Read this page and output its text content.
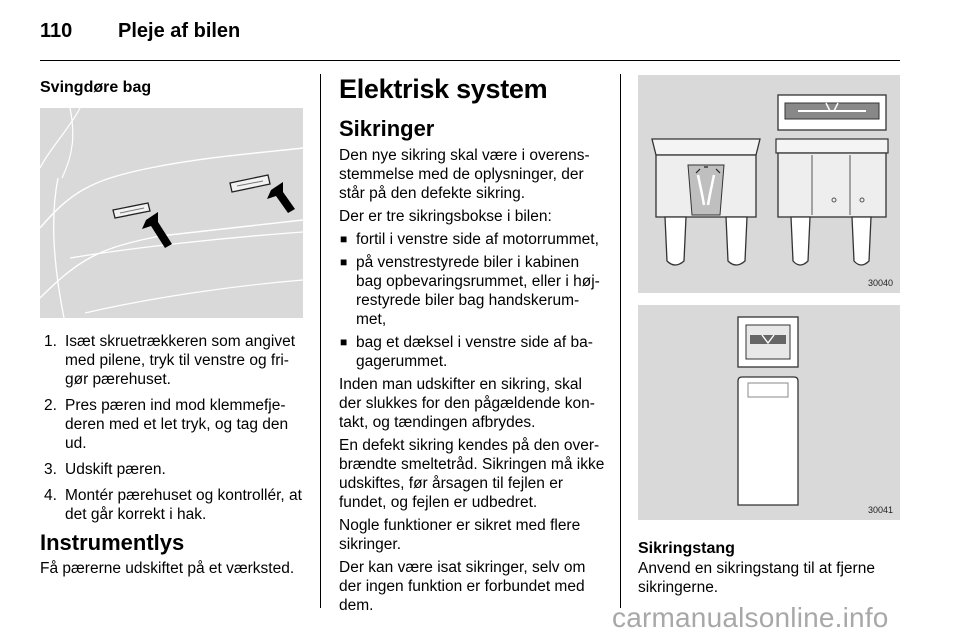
110 Pleje af bilen
Svingdøre bag
1. Isæt skruetrækkeren som angivet med pilene, tryk til venstre og fri-gør pærehuset.
2. Pres pæren ind mod klemmefje-deren med et let tryk, og tag den ud.
3. Udskift pæren.
4. Montér pærehuset og kontrollér, at det går korrekt i hak.
Instrumentlys
Få pærerne udskiftet på et værksted.
Elektrisk system
Sikringer

Den nye sikring skal være i overens-stemmelse med de oplysninger, der står på den defekte sikring.

Der er tre sikringsbokse i bilen:

■ fortil i venstre side af motorrummet,
■ på venstrestyrede biler i kabinen bag opbevaringsrummet, eller i høj-restyrede biler bag handskerum-met,
■ bag et dæksel i venstre side af ba-gagerummet.

Inden man udskifter en sikring, skal der slukkes for den pågældende kon-takt, og tændingen afbrydes.

En defekt sikring kendes på den over-brændte smeltetråd. Sikringen må ikke udskiftes, før årsagen til fejlen er fundet, og fejlen er udbedret.

Nogle funktioner er sikret med flere sikringer.

Der kan være isat sikringer, selv om der ingen funktion er forbundet med dem.

30040
30041
Sikringstang
Anvend en sikringstang til at fjerne sikringerne.
carmanualsonline.info
